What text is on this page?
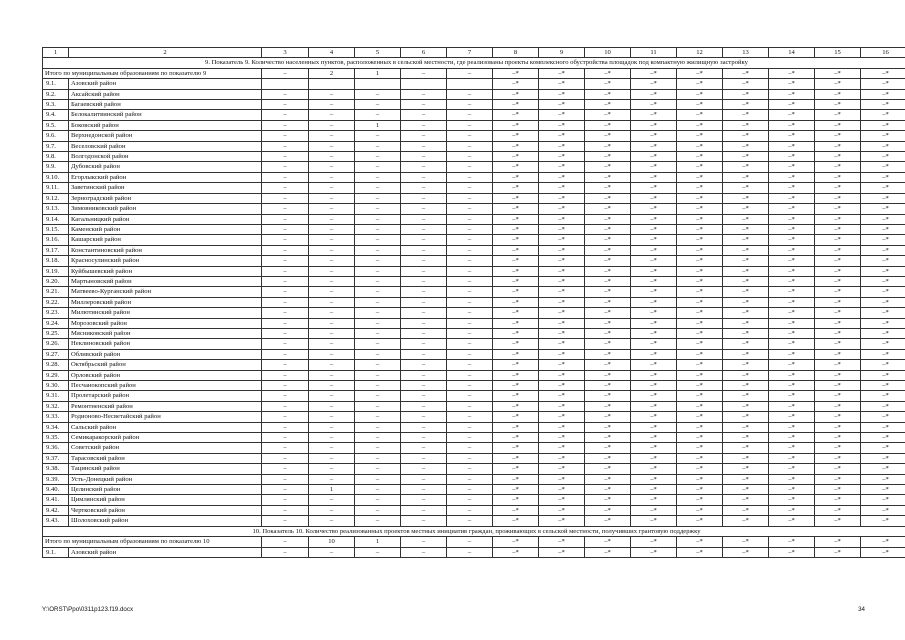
1	2	3	4	5	6	7	8	9	10	11	12	13	14	15	16
9. Показатель 9. Количество населенных пунктов, расположенных в сельской местности, где реализованы проекты комплексного обустройства площадок под компактную жилищную застройку															
Итого по муниципальным образованиям по показателю 9		–	2	1	–	–	–*	–*	–*	–*	–*	–*	–*	–*	–*
9.1.	Азовский район						–*	–*	–*	–*	–*	–*	–*	–*	–*
9.2.	Аксайский район	–	–	–	–	–	–*	–*	–*	–*	–*	–*	–*	–*	–*
9.3.	Багаевский район	–	–	–	–	–	–*	–*	–*	–*	–*	–*	–*	–*	–*
9.4.	Белокалитвинский район	–	–	–	–	–	–*	–*	–*	–*	–*	–*	–*	–*	–*
9.5.	Боковский район	–	–	1	–	–	–*	–*	–*	–*	–*	–*	–*	–*	–*
9.6.	Верхнедонской район	–	–	–	–	–	–*	–*	–*	–*	–*	–*	–*	–*	–*
9.7.	Веселовский район	–	–	–	–	–	–*	–*	–*	–*	–*	–*	–*	–*	–*
9.8.	Волгодонской район	–	–	–	–	–	–*	–*	–*	–*	–*	–*	–*	–*	–*
9.9.	Дубовский район	–	–	–	–	–	–*	–*	–*	–*	–*	–*	–*	–*	–*
9.10.	Егорлыкский район	–	–	–	–	–	–*	–*	–*	–*	–*	–*	–*	–*	–*
9.11.	Заветинский район	–	–	–	–	–	–*	–*	–*	–*	–*	–*	–*	–*	–*
9.12.	Зерноградский район	–	–	–	–	–	–*	–*	–*	–*	–*	–*	–*	–*	–*
9.13.	Зимовниковский район	–	–	–	–	–	–*	–*	–*	–*	–*	–*	–*	–*	–*
9.14.	Кагальницкий район	–	–	–	–	–	–*	–*	–*	–*	–*	–*	–*	–*	–*
9.15.	Каменский район	–	–	–	–	–	–*	–*	–*	–*	–*	–*	–*	–*	–*
9.16.	Кашарский район	–	–	–	–	–	–*	–*	–*	–*	–*	–*	–*	–*	–*
9.17.	Константиновский район	–	–	–	–	–	–*	–*	–*	–*	–*	–*	–*	–*	–*
9.18.	Красносулинский район	–	–	–	–	–	–*	–*	–*	–*	–*	–*	–*	–*	–*
9.19.	Куйбышевский район	–	–	–	–	–	–*	–*	–*	–*	–*	–*	–*	–*	–*
9.20.	Мартыновский район	–	–	–	–	–	–*	–*	–*	–*	–*	–*	–*	–*	–*
9.21.	Матвеево-Курганский район	–	–	–	–	–	–*	–*	–*	–*	–*	–*	–*	–*	–*
9.22.	Миллеровский район	–	–	–	–	–	–*	–*	–*	–*	–*	–*	–*	–*	–*
9.23.	Милютинский район	–	–	–	–	–	–*	–*	–*	–*	–*	–*	–*	–*	–*
9.24.	Морозовский район	–	–	–	–	–	–*	–*	–*	–*	–*	–*	–*	–*	–*
9.25.	Мясниковский район	–	–	–	–	–	–*	–*	–*	–*	–*	–*	–*	–*	–*
9.26.	Неклиновский район	–	–	–	–	–	–*	–*	–*	–*	–*	–*	–*	–*	–*
9.27.	Обливский район	–	–	–	–	–	–*	–*	–*	–*	–*	–*	–*	–*	–*
9.28.	Октябрьский район	–	–	–	–	–	–*	–*	–*	–*	–*	–*	–*	–*	–*
9.29.	Орловский район	–	–	–	–	–	–*	–*	–*	–*	–*	–*	–*	–*	–*
9.30.	Песчанокопский район	–	–	–	–	–	–*	–*	–*	–*	–*	–*	–*	–*	–*
9.31.	Пролетарский район	–	–	–	–	–	–*	–*	–*	–*	–*	–*	–*	–*	–*
9.32.	Ремонтненский район	–	–	–	–	–	–*	–*	–*	–*	–*	–*	–*	–*	–*
9.33.	Родионово-Несветайский район	–	–	–	–	–	–*	–*	–*	–*	–*	–*	–*	–*	–*
9.34.	Сальский район	–	–	–	–	–	–*	–*	–*	–*	–*	–*	–*	–*	–*
9.35.	Семикаракорский район	–	–	–	–	–	–*	–*	–*	–*	–*	–*	–*	–*	–*
9.36.	Советский район	–	–	–	–	–	–*	–*	–*	–*	–*	–*	–*	–*	–*
9.37.	Тарасовский район	–	–	–	–	–	–*	–*	–*	–*	–*	–*	–*	–*	–*
9.38.	Тацинский район	–	–	–	–	–	–*	–*	–*	–*	–*	–*	–*	–*	–*
9.39.	Усть-Донецкий район	–	–	–	–	–	–*	–*	–*	–*	–*	–*	–*	–*	–*
9.40.	Целинский район	–	1	–	–	–	–*	–*	–*	–*	–*	–*	–*	–*	–*
9.41.	Цимлянский район	–	–	–	–	–	–*	–*	–*	–*	–*	–*	–*	–*	–*
9.42.	Чертковский район	–	–	–	–	–	–*	–*	–*	–*	–*	–*	–*	–*	–*
9.43.	Шолоховский район	–	–	–	–	–	–*	–*	–*	–*	–*	–*	–*	–*	–*
10. Показатель 10. Количество реализованных проектов местных инициатив граждан, проживающих в сельской местности, получивших грантовую поддержку															
Итого по муниципальным образованиям по показателю 10		–	10	1	–	–	–*	–*	–*	–*	–*	–*	–*	–*	–*
9.1.	Азовский район	–	–	–	–	–	–*	–*	–*	–*	–*	–*	–*	–*	–*
Y:\ORST\Ppo\0311p123.f19.docx	34
